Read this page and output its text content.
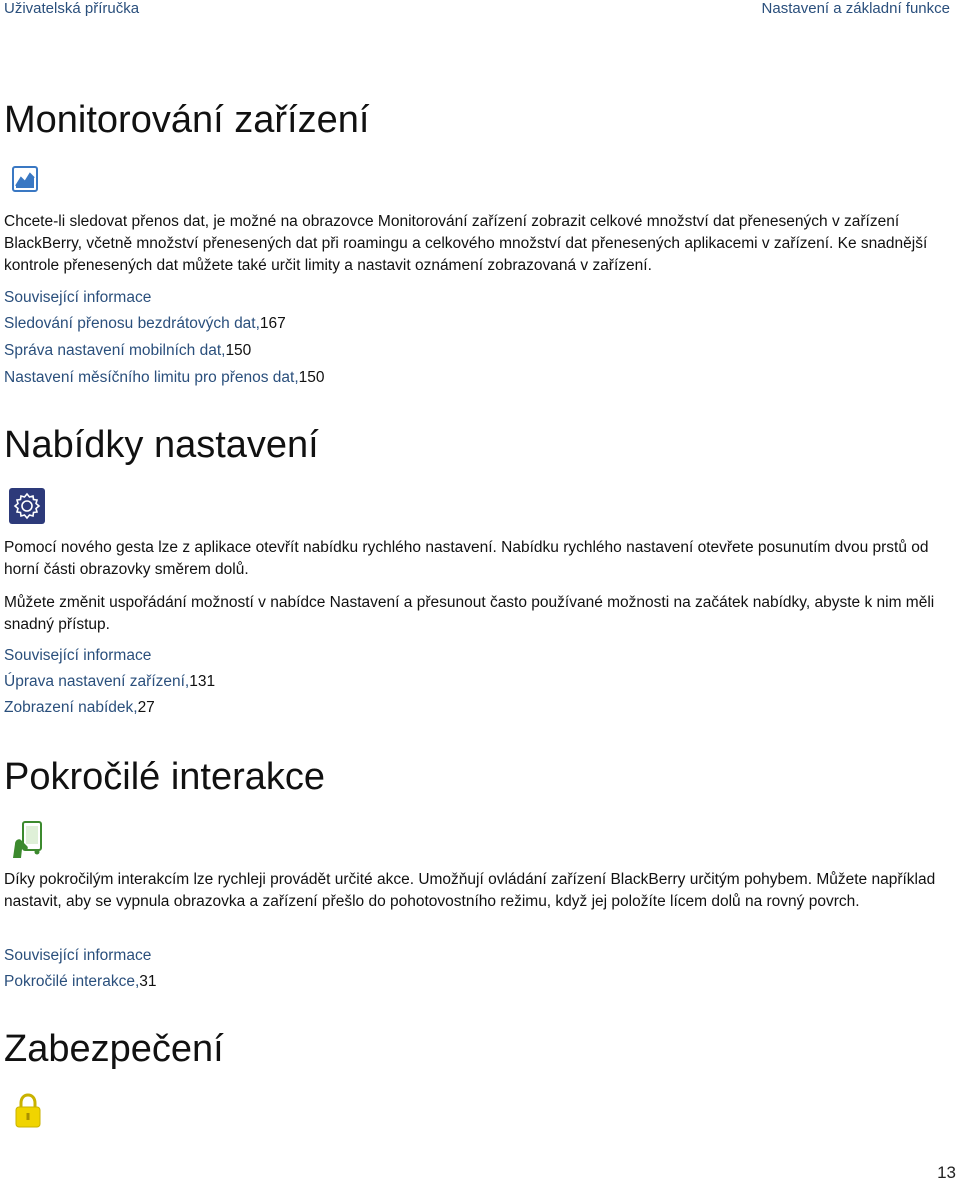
Uživatelská příručka	Nastavení a základní funkce
Monitorování zařízení

Chcete-li sledovat přenos dat, je možné na obrazovce Monitorování zařízení zobrazit celkové množství dat přenesených v zařízení BlackBerry, včetně množství přenesených dat při roamingu a celkového množství dat přenesených aplikacemi v zařízení. Ke snadnější kontrole přenesených dat můžete také určit limity a nastavit oznámení zobrazovaná v zařízení.

Související informace

Sledování přenosu bezdrátových dat,167
Správa nastavení mobilních dat,150
Nastavení měsíčního limitu pro přenos dat,150
Nabídky nastavení

Pomocí nového gesta lze z aplikace otevřít nabídku rychlého nastavení. Nabídku rychlého nastavení otevřete posunutím dvou prstů od horní části obrazovky směrem dolů.

Můžete změnit uspořádání možností v nabídce Nastavení a přesunout často používané možnosti na začátek nabídky, abyste k nim měli snadný přístup.

Související informace

Úprava nastavení zařízení,131
Zobrazení nabídek,27
Pokročilé interakce

Díky pokročilým interakcím lze rychleji provádět určité akce. Umožňují ovládání zařízení BlackBerry určitým pohybem. Můžete například nastavit, aby se vypnula obrazovka a zařízení přešlo do pohotovostního režimu, když jej položíte lícem dolů na rovný povrch.

Související informace

Pokročilé interakce,31
Zabezpečení
13
